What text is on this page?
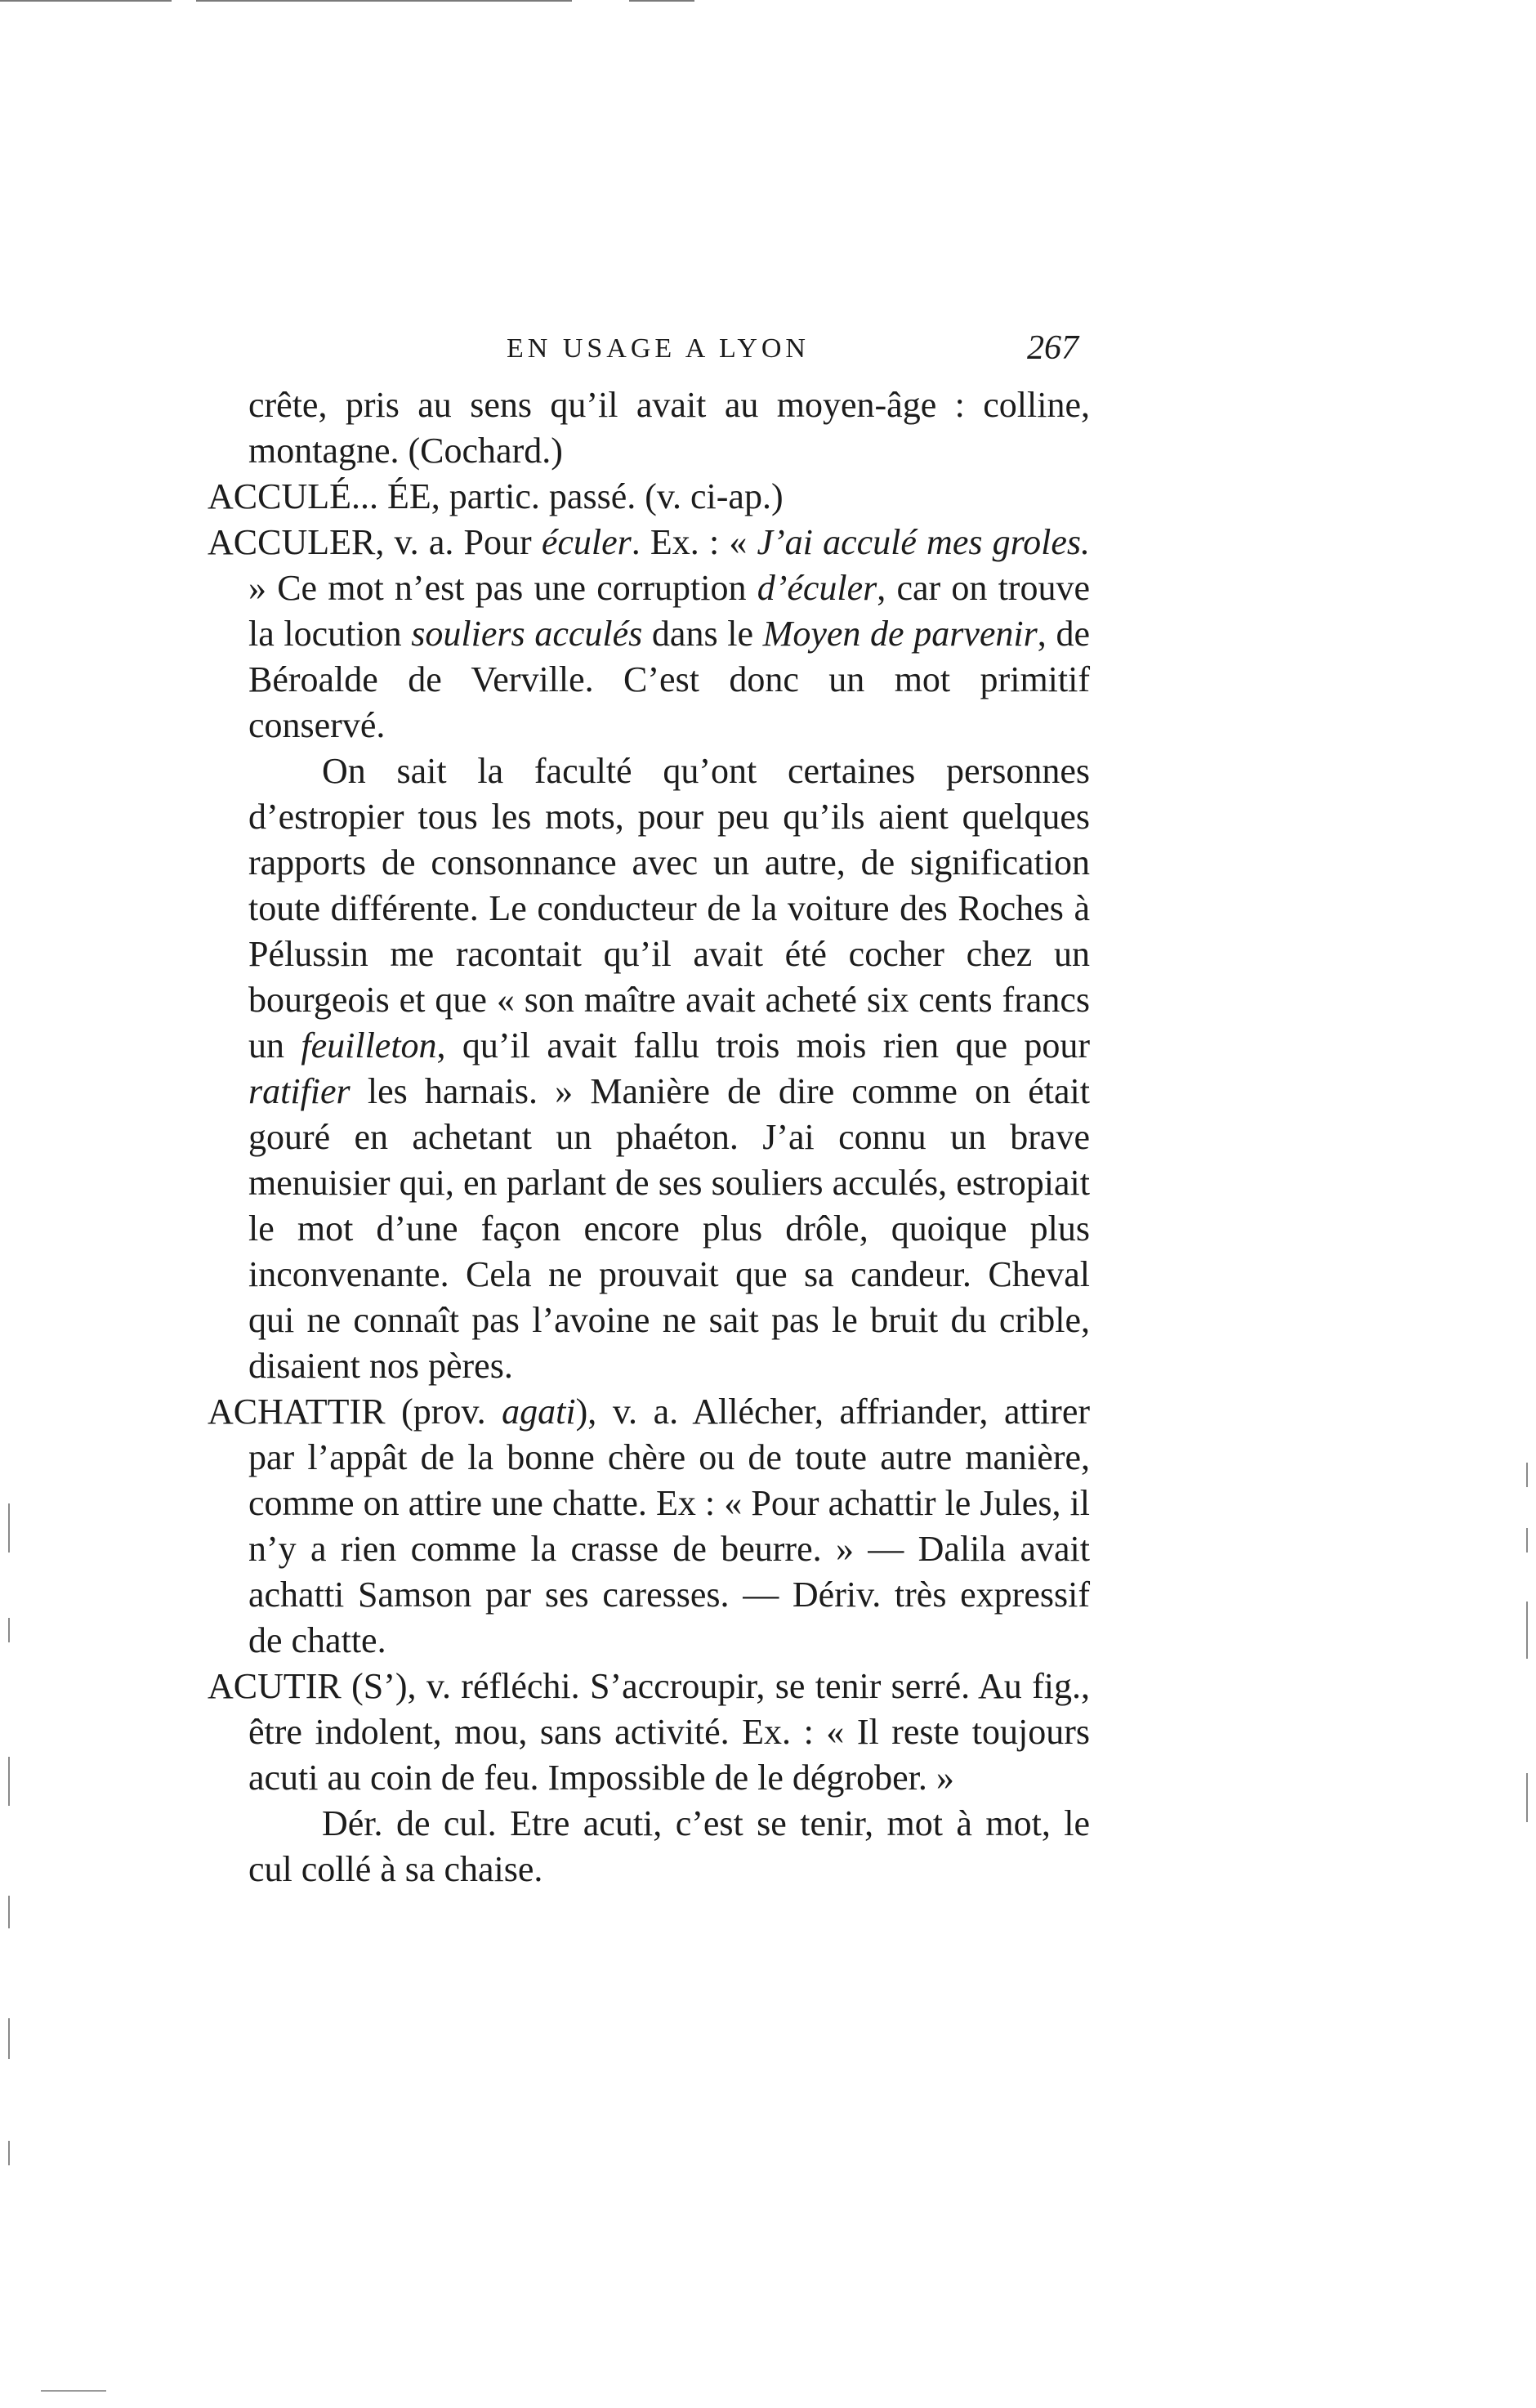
EN USAGE A LYON	267

crête, pris au sens qu’il avait au moyen-âge : colline, montagne. (Cochard.)

ACCULÉ... ÉE, partic. passé. (v. ci-ap.)

ACCULER, v. a. Pour éculer. Ex. : « J’ai acculé mes groles. » Ce mot n’est pas une corruption d’éculer, car on trouve la locution souliers acculés dans le Moyen de parvenir, de Béroalde de Verville. C’est donc un mot primitif conservé.

On sait la faculté qu’ont certaines personnes d’estropier tous les mots, pour peu qu’ils aient quelques rapports de consonnance avec un autre, de signification toute différente. Le conducteur de la voiture des Roches à Pélussin me racontait qu’il avait été cocher chez un bourgeois et que « son maître avait acheté six cents francs un feuilleton, qu’il avait fallu trois mois rien que pour ratifier les harnais. » Manière de dire comme on était gouré en achetant un phaéton. J’ai connu un brave menuisier qui, en parlant de ses souliers acculés, estropiait le mot d’une façon encore plus drôle, quoique plus inconvenante. Cela ne prouvait que sa candeur. Cheval qui ne connaît pas l’avoine ne sait pas le bruit du crible, disaient nos pères.

ACHATTIR (prov. agati), v. a. Allécher, affriander, attirer par l’appât de la bonne chère ou de toute autre manière, comme on attire une chatte. Ex : « Pour achattir le Jules, il n’y a rien comme la crasse de beurre. » — Dalila avait achatti Samson par ses caresses. — Dériv. très expressif de chatte.

ACUTIR (S’), v. réfléchi. S’accroupir, se tenir serré. Au fig., être indolent, mou, sans activité. Ex. : « Il reste toujours acuti au coin de feu. Impossible de le dégrober. »

Dér. de cul. Etre acuti, c’est se tenir, mot à mot, le cul collé à sa chaise.
